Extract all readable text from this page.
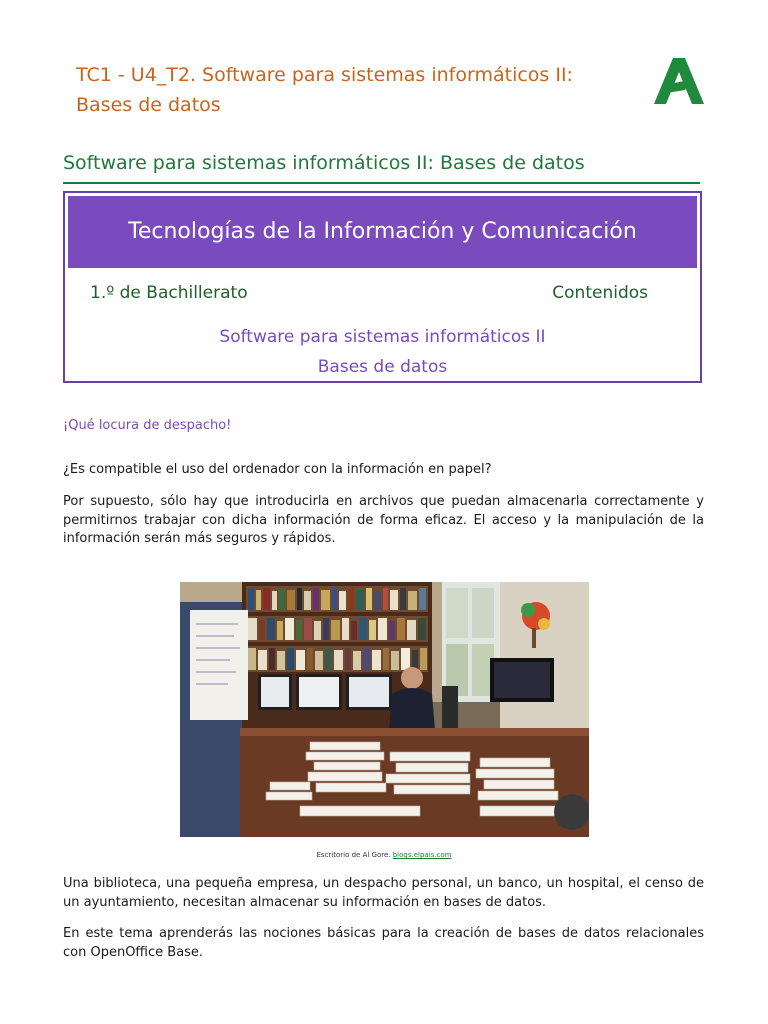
TC1 - U4_T2. Software para sistemas informáticos II:
Bases de datos
Software para sistemas informáticos II: Bases de datos
Tecnologías de la Información y Comunicación
1.º de Bachillerato	Contenidos
Software para sistemas informáticos II
Bases de datos

¡Qué locura de despacho!

¿Es compatible el uso del ordenador con la información en papel?

Por supuesto, sólo hay que introducirla en archivos que puedan almacenarla correctamente y permitirnos trabajar con dicha información de forma eficaz. El acceso y la manipulación de la información serán más seguros y rápidos.

Escritorio de Al Gore. blogs.elpais.com

Una biblioteca, una pequeña empresa, un despacho personal, un banco, un hospital, el censo de un ayuntamiento, necesitan almacenar su información en bases de datos.

En este tema aprenderás las nociones básicas para la creación de bases de datos relacionales con OpenOffice Base.
